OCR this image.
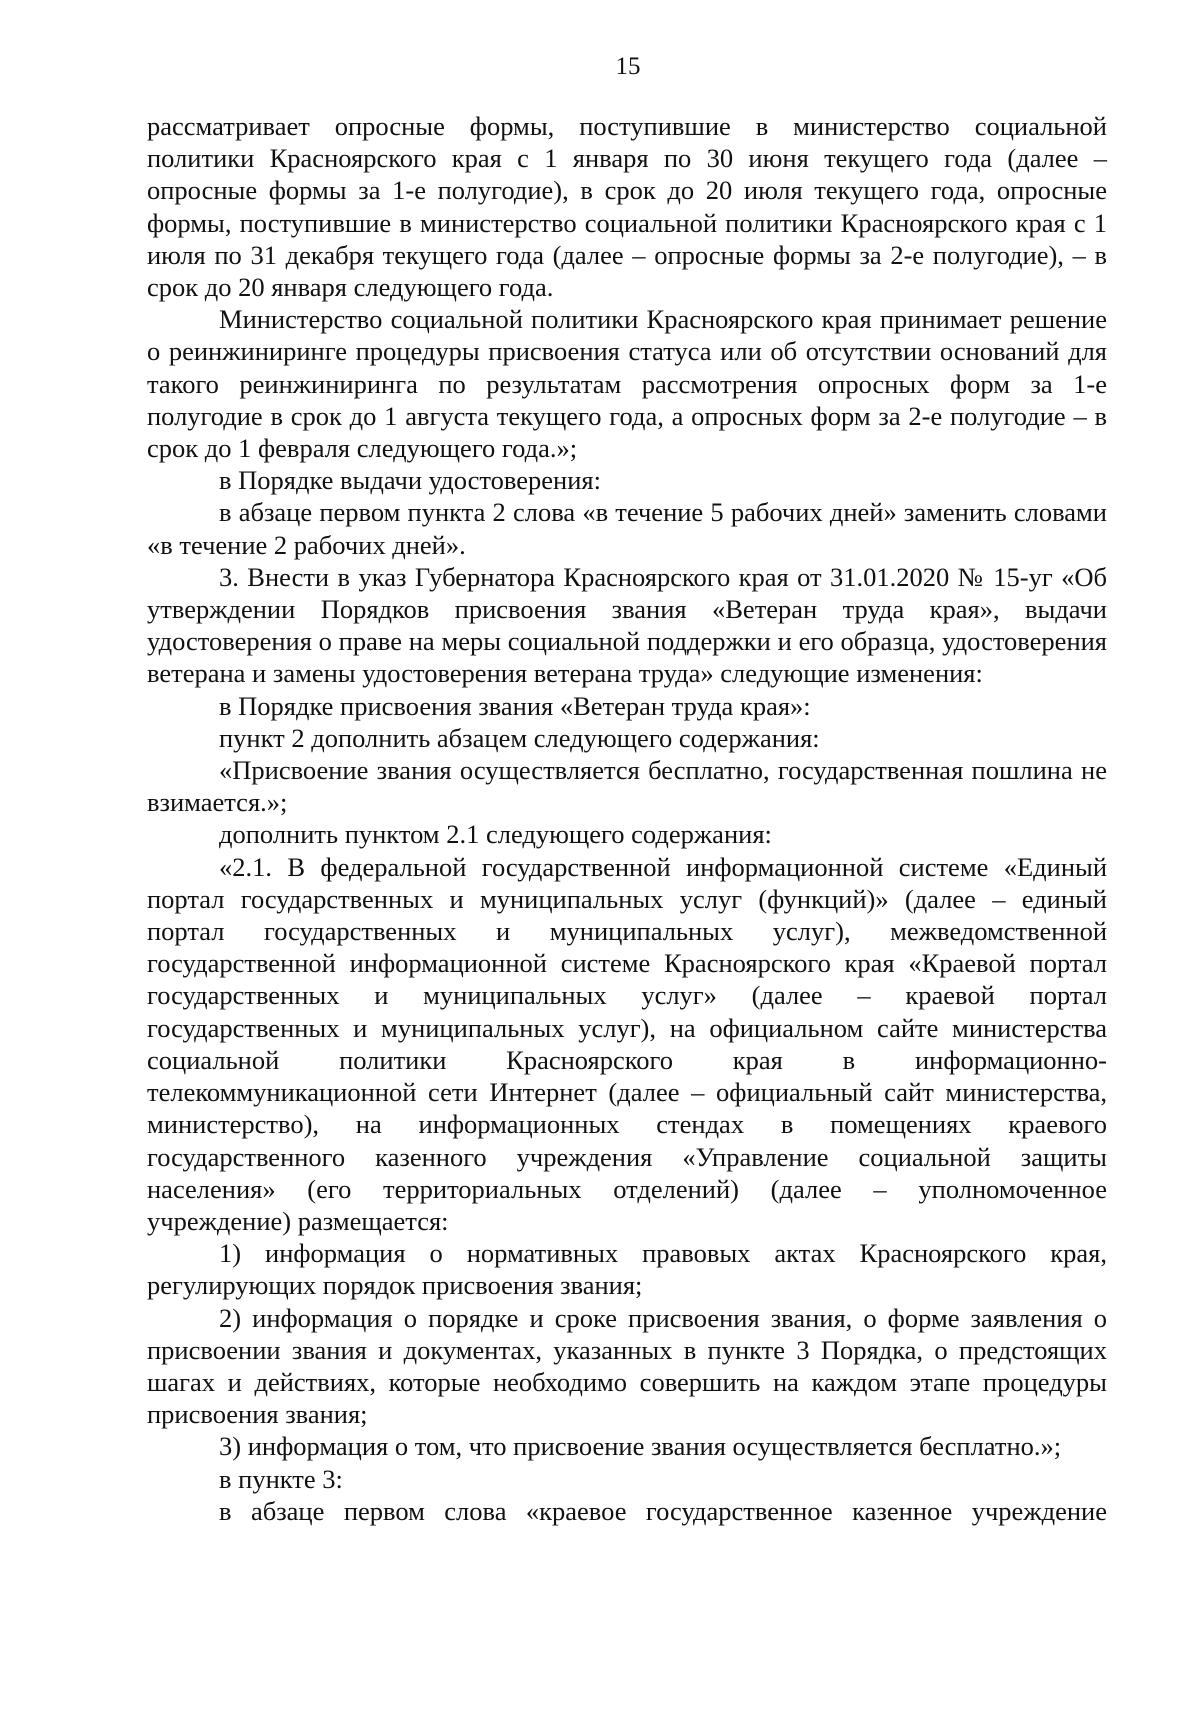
15

рассматривает опросные формы, поступившие в министерство социальной политики Красноярского края с 1 января по 30 июня текущего года (далее – опросные формы за 1-е полугодие), в срок до 20 июля текущего года, опросные формы, поступившие в министерство социальной политики Красноярского края с 1 июля по 31 декабря текущего года (далее – опросные формы за 2-е полугодие), – в срок до 20 января следующего года.

Министерство социальной политики Красноярского края принимает решение о реинжиниринге процедуры присвоения статуса или об отсутствии оснований для такого реинжиниринга по результатам рассмотрения опросных форм за 1-е полугодие в срок до 1 августа текущего года, а опросных форм за 2-е полугодие – в срок до 1 февраля следующего года.»;

в Порядке выдачи удостоверения:

в абзаце первом пункта 2 слова «в течение 5 рабочих дней» заменить словами «в течение 2 рабочих дней».

3. Внести в указ Губернатора Красноярского края от 31.01.2020 № 15-уг «Об утверждении Порядков присвоения звания «Ветеран труда края», выдачи удостоверения о праве на меры социальной поддержки и его образца, удостоверения ветерана и замены удостоверения ветерана труда» следующие изменения:

в Порядке присвоения звания «Ветеран труда края»:

пункт 2 дополнить абзацем следующего содержания:

«Присвоение звания осуществляется бесплатно, государственная пошлина не взимается.»;

дополнить пунктом 2.1 следующего содержания:

«2.1. В федеральной государственной информационной системе «Единый портал государственных и муниципальных услуг (функций)» (далее – единый портал государственных и муниципальных услуг), межведомственной государственной информационной системе Красноярского края «Краевой портал государственных и муниципальных услуг» (далее – краевой портал государственных и муниципальных услуг), на официальном сайте министерства социальной политики Красноярского края в информационно-телекоммуникационной сети Интернет (далее – официальный сайт министерства, министерство), на информационных стендах в помещениях краевого государственного казенного учреждения «Управление социальной защиты населения» (его территориальных отделений) (далее – уполномоченное учреждение) размещается:

1) информация о нормативных правовых актах Красноярского края, регулирующих порядок присвоения звания;

2) информация о порядке и сроке присвоения звания, о форме заявления о присвоении звания и документах, указанных в пункте 3 Порядка, о предстоящих шагах и действиях, которые необходимо совершить на каждом этапе процедуры присвоения звания;

3) информация о том, что присвоение звания осуществляется бесплатно.»;

в пункте 3:

в абзаце первом слова «краевое государственное казенное учреждение
